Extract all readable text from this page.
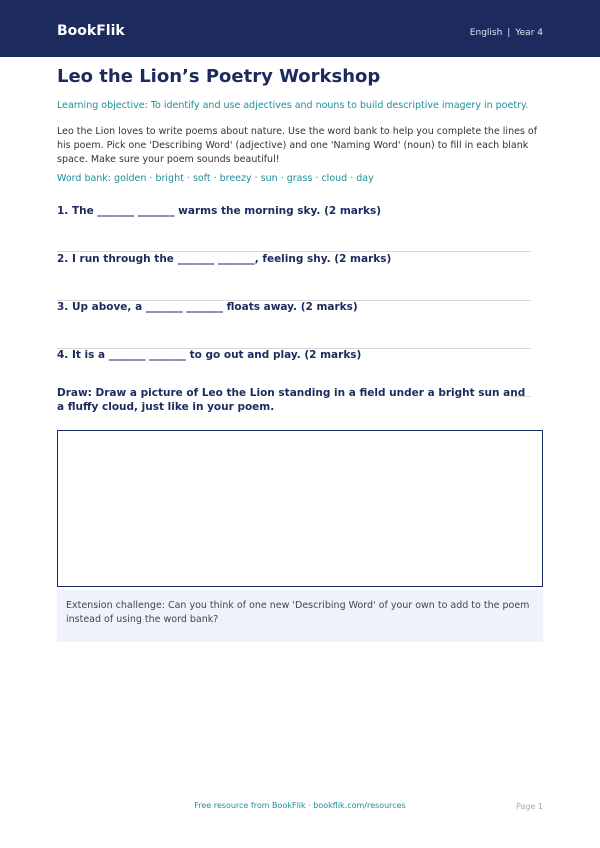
BookFlik	English | Year 4
Leo the Lion’s Poetry Workshop

Learning objective: To identify and use adjectives and nouns to build descriptive imagery in poetry.

Leo the Lion loves to write poems about nature. Use the word bank to help you complete the lines of his poem. Pick one 'Describing Word' (adjective) and one 'Naming Word' (noun) to fill in each blank space. Make sure your poem sounds beautiful!

Word bank: golden · bright · soft · breezy · sun · grass · cloud · day

1. The _______ _______ warms the morning sky. (2 marks)
2. I run through the _______ _______, feeling shy. (2 marks)
3. Up above, a _______ _______ floats away. (2 marks)
4. It is a _______ _______ to go out and play. (2 marks)

Draw: Draw a picture of Leo the Lion standing in a field under a bright sun and a fluffy cloud, just like in your poem.

Extension challenge: Can you think of one new 'Describing Word' of your own to add to the poem instead of using the word bank?
Free resource from BookFlik · bookflik.com/resources	Page 1
